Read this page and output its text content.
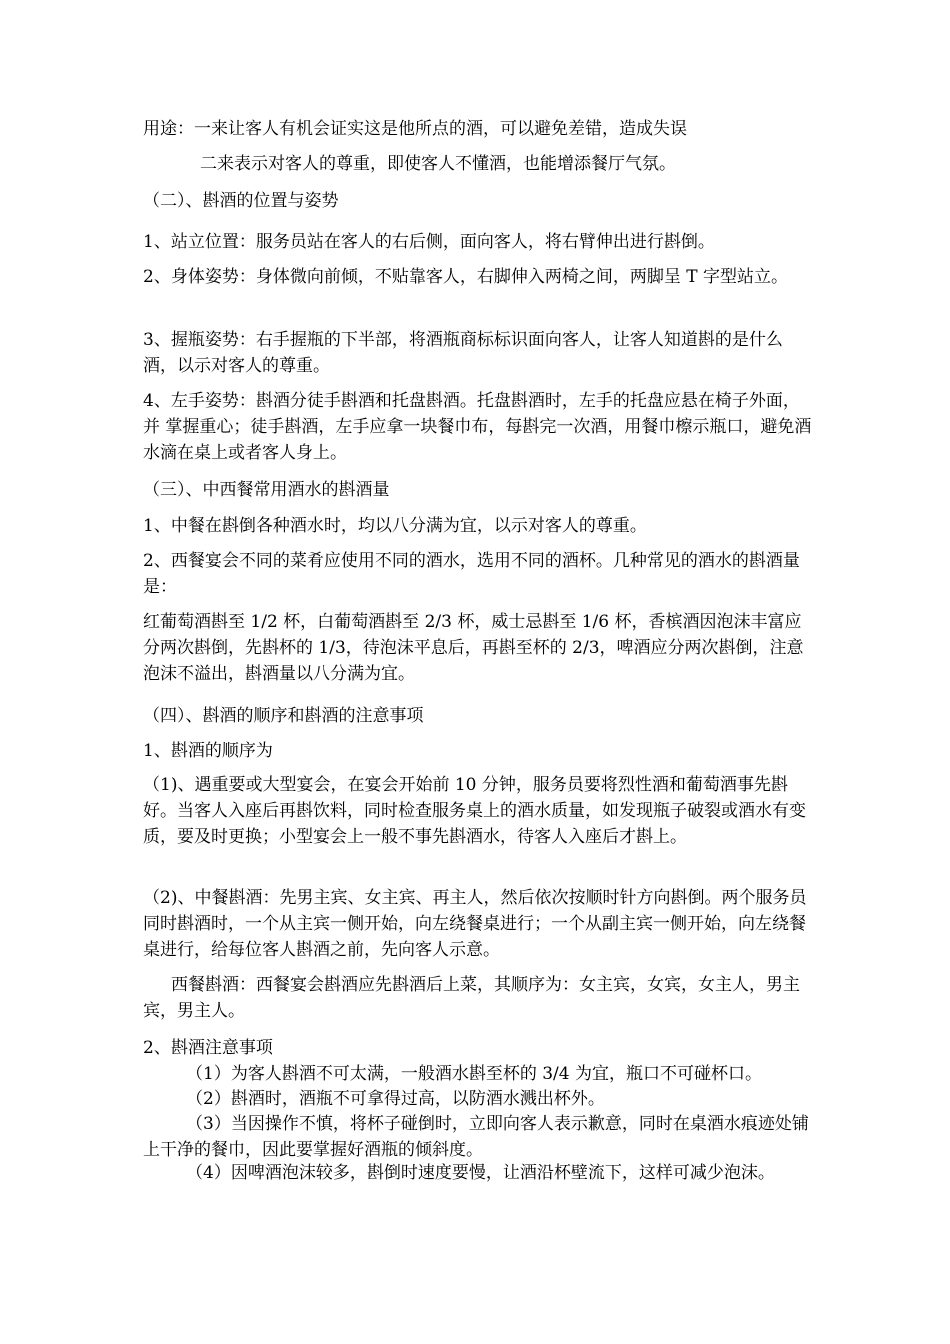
用途：一来让客人有机会证实这是他所点的酒，可以避免差错，造成失误

二来表示对客人的尊重，即使客人不懂酒，也能增添餐厅气氛。

（二）、斟酒的位置与姿势

1、站立位置：服务员站在客人的右后侧，面向客人，将右臂伸出进行斟倒。

2、身体姿势：身体微向前倾，不贴靠客人，右脚伸入两椅之间，两脚呈 T 字型站立。

3、握瓶姿势：右手握瓶的下半部，将酒瓶商标标识面向客人，让客人知道斟的是什么酒，以示对客人的尊重。

4、左手姿势：斟酒分徒手斟酒和托盘斟酒。托盘斟酒时，左手的托盘应悬在椅子外面，并 掌握重心；徒手斟酒，左手应拿一块餐巾布，每斟完一次酒，用餐巾檫示瓶口，避免酒水滴在桌上或者客人身上。

（三）、中西餐常用酒水的斟酒量

1、中餐在斟倒各种酒水时，均以八分满为宜，以示对客人的尊重。

2、西餐宴会不同的菜肴应使用不同的酒水，选用不同的酒杯。几种常见的酒水的斟酒量是：

红葡萄酒斟至 1/2 杯，白葡萄酒斟至 2/3 杯，威士忌斟至 1/6 杯，香槟酒因泡沫丰富应分两次斟倒，先斟杯的 1/3，待泡沫平息后，再斟至杯的 2/3，啤酒应分两次斟倒，注意泡沫不溢出，斟酒量以八分满为宜。

（四）、斟酒的顺序和斟酒的注意事项

1、斟酒的顺序为

（1)、遇重要或大型宴会，在宴会开始前 10 分钟，服务员要将烈性酒和葡萄酒事先斟好。当客人入座后再斟饮料，同时检查服务桌上的酒水质量，如发现瓶子破裂或酒水有变质，要及时更换；小型宴会上一般不事先斟酒水，待客人入座后才斟上。

（2)、中餐斟酒：先男主宾、女主宾、再主人，然后依次按顺时针方向斟倒。两个服务员同时斟酒时，一个从主宾一侧开始，向左绕餐桌进行；一个从副主宾一侧开始，向左绕餐桌进行，给每位客人斟酒之前，先向客人示意。

西餐斟酒：西餐宴会斟酒应先斟酒后上菜，其顺序为：女主宾，女宾，女主人，男主宾，男主人。

2、斟酒注意事项

（1）为客人斟酒不可太满，一般酒水斟至杯的 3/4 为宜，瓶口不可碰杯口。

（2）斟酒时，酒瓶不可拿得过高，以防酒水溅出杯外。

（3）当因操作不慎，将杯子碰倒时，立即向客人表示歉意，同时在桌酒水痕迹处铺上干净的餐巾，因此要掌握好酒瓶的倾斜度。

（4）因啤酒泡沫较多，斟倒时速度要慢，让酒沿杯壁流下，这样可减少泡沫。
